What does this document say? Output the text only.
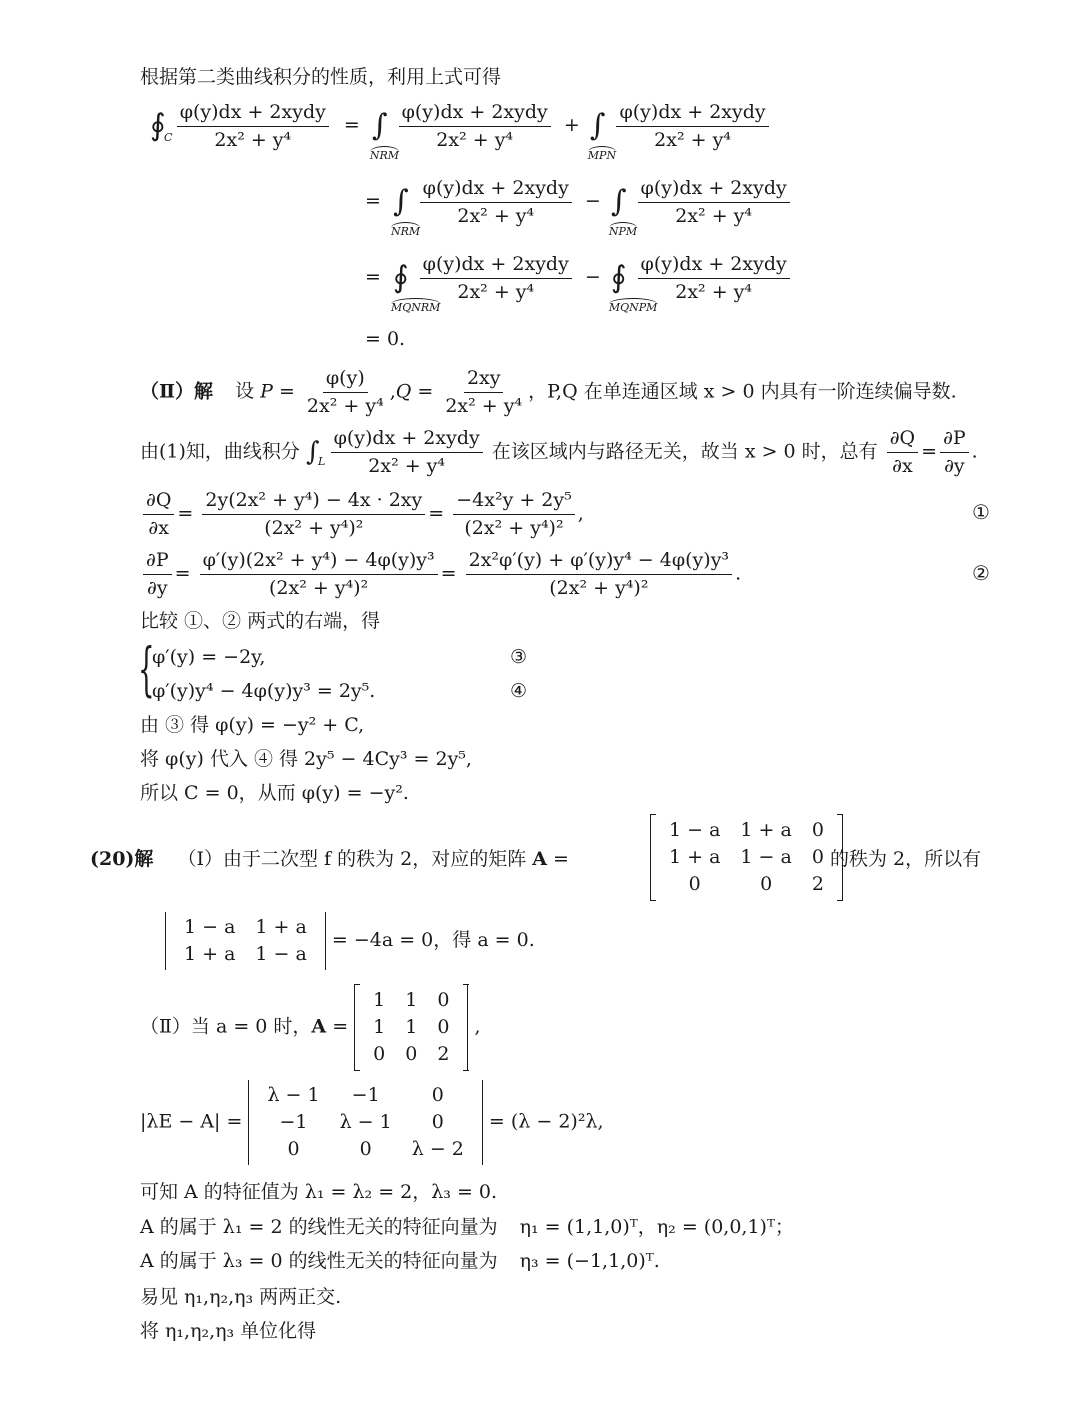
根据第二类曲线积分的性质，利用上式可得
∮
C
$\frac{\text{φ(y)dx + 2xydy}}{\text{2x² + y⁴}}$ = ∫
NRM

$\frac{\text{φ(y)dx + 2xydy}}{\text{2x² + y⁴}}$ + ∫
MPN

$\frac{\text{φ(y)dx + 2xydy}}{\text{2x² + y⁴}}$
= ∫
NRM

$\frac{\text{φ(y)dx + 2xydy}}{\text{2x² + y⁴}}$ − ∫
NPM

$\frac{\text{φ(y)dx + 2xydy}}{\text{2x² + y⁴}}$
= ∮
MQNRM

$\frac{\text{φ(y)dx + 2xydy}}{\text{2x² + y⁴}}$ − ∮
MQNPM

$\frac{\text{φ(y)dx + 2xydy}}{\text{2x² + y⁴}}$
= 0.
（Ⅱ）解 设 $P = \frac{\varphi(y)}{\text{2x² + y⁴}} ,Q = \frac{2xy}{\text{2x² + y⁴}}$ ，P,Q 在单连通区域 x > 0 内具有一阶连续偏导数.
由(1)知，曲线积分 ∫
L
$\frac{\text{φ(y)dx + 2xydy}}{\text{2x² + y⁴}}$ 在该区域内与路径无关，故当 x > 0 时，总有 $\frac{\partial Q}{\partial x} = \frac{\partial P}{\partial y}$ .
$\frac{\partial Q}{\partial x} = \frac{\text{2y(2x² + y⁴) − 4x · 2xy}}{\text{(2x² + y⁴)²}} = \frac{\text{−4x²y + 2y⁵}}{\text{(2x² + y⁴)²}}$ ,	①
$\frac{\partial P}{\partial y} = \frac{\text{φ′(y)(2x² + y⁴) − 4φ(y)y³}}{\text{(2x² + y⁴)²}} = \frac{\text{2x²φ′(y) + φ′(y)y⁴ − 4φ(y)y³}}{\text{(2x² + y⁴)²}}$ .	②
比较 ①、② 两式的右端，得
{
φ′(y) = −2y,	③
φ′(y)y⁴ − 4φ(y)y³ = 2y⁵.	④
由 ③ 得 φ(y) = −y² + C,
将 φ(y) 代入 ④ 得 2y⁵ − 4Cy³ = 2y⁵,
所以 C = 0，从而 φ(y) = −y².
(20)解 （Ⅰ）由于二次型 f 的秩为 2，对应的矩阵 A =
1 − a	1 + a	0
1 + a	1 − a	0
0	0	2
的秩为 2，所以有
1 − a	1 + a
1 + a	1 − a
= −4a = 0，得 a = 0.
（Ⅱ）当 a = 0 时，A =
1	1	0
1	1	0
0	0	2
,
|λE − A| =
λ − 1	−1	0
−1	λ − 1	0
0	0	λ − 2
= (λ − 2)²λ,
可知 A 的特征值为 λ₁ = λ₂ = 2，λ₃ = 0.
A 的属于 λ₁ = 2 的线性无关的特征向量为 η₁ = (1,1,0)ᵀ，η₂ = (0,0,1)ᵀ；
A 的属于 λ₃ = 0 的线性无关的特征向量为 η₃ = (−1,1,0)ᵀ.
易见 η₁,η₂,η₃ 两两正交.
将 η₁,η₂,η₃ 单位化得
